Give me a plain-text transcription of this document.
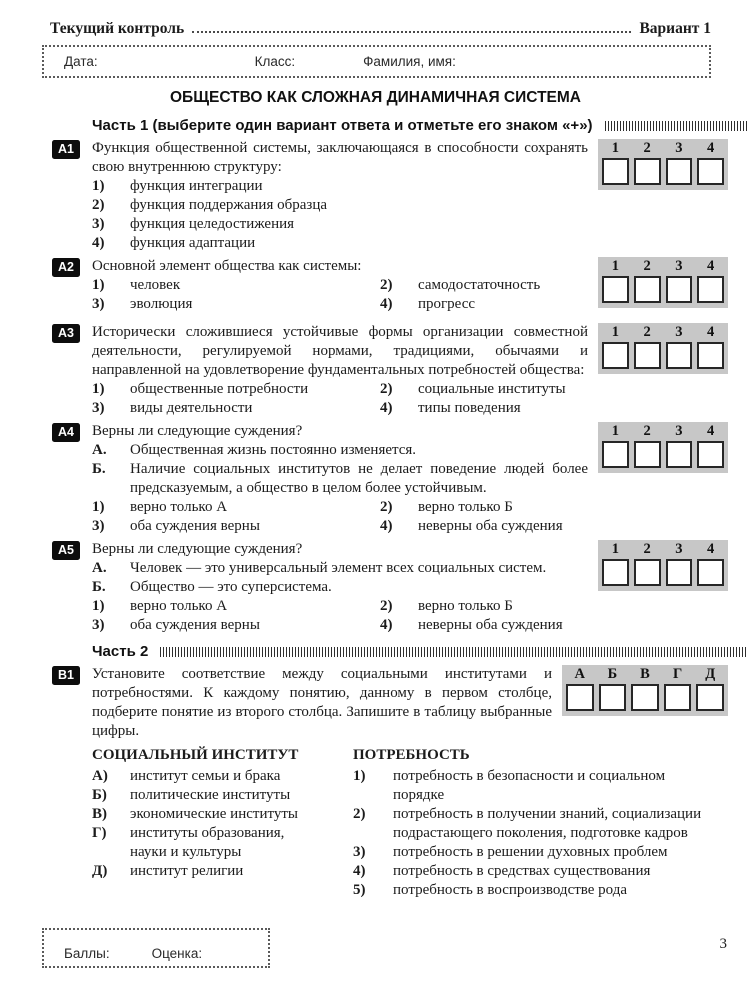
Текущий контроль	Вариант 1
Дата:	Класс:	Фамилия, имя:
ОБЩЕСТВО КАК СЛОЖНАЯ ДИНАМИЧНАЯ СИСТЕМА
Часть 1 (выберите один вариант ответа и отметьте его знаком «+»)
А1	Функция общественной системы, заключающаяся в способности сохранять свою внутреннюю структуру:
1)	функция интеграции
2)	функция поддержания образца
3)	функция целедостижения
4)	функция адаптации
1	2	3	4
А2	Основной элемент общества как системы:
1)	человек	2)	самодостаточность
3)	эволюция	4)	прогресс
1	2	3	4
А3	Исторически сложившиеся устойчивые формы организации совместной деятельности, регулируемой нормами, традициями, обычаями и направленной на удовлетворение фундаментальных потребностей общества:
1)	общественные потребности	2)	социальные институты
3)	виды деятельности	4)	типы поведения
1	2	3	4
А4	Верны ли следующие суждения?
А.	Общественная жизнь постоянно изменяется.
Б.	Наличие социальных институтов не делает поведение людей более предсказуемым, а общество в целом более устойчивым.
1)	верно только А	2)	верно только Б
3)	оба суждения верны	4)	неверны оба суждения
1	2	3	4
А5	Верны ли следующие суждения?
А.	Человек — это универсальный элемент всех социальных систем.
Б.	Общество — это суперсистема.
1)	верно только А	2)	верно только Б
3)	оба суждения верны	4)	неверны оба суждения
1	2	3	4
Часть 2
В1	Установите соответствие между социальными институтами и потребностями. К каждому понятию, данному в первом столбце, подберите понятие из второго столбца. Запишите в таблицу выбранные цифры.
А	Б	В	Г	Д
СОЦИАЛЬНЫЙ ИНСТИТУТ
А)	институт семьи и брака
Б)	политические институты
В)	экономические институты
Г)	институты образования, науки и культуры
Д)	институт религии
ПОТРЕБНОСТЬ
1)	потребность в безопасности и социальном порядке
2)	потребность в получении знаний, социализации подрастающего поколения, подготовке кадров
3)	потребность в решении духовных проблем
4)	потребность в средствах существования
5)	потребность в воспроизводстве рода
Баллы:	Оценка:
3
